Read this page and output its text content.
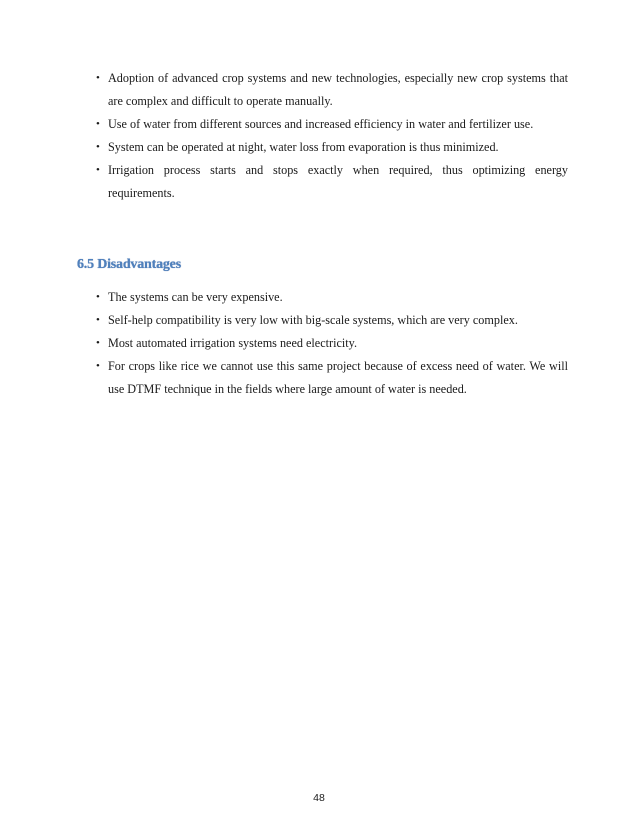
• Adoption of advanced crop systems and new technologies, especially new crop systems that are complex and difficult to operate manually.
• Use of water from different sources and increased efficiency in water and fertilizer use.
• System can be operated at night, water loss from evaporation is thus minimized.
• Irrigation process starts and stops exactly when required, thus optimizing energy requirements.
6.5 Disadvantages
• The systems can be very expensive.
• Self-help compatibility is very low with big-scale systems, which are very complex.
• Most automated irrigation systems need electricity.
• For crops like rice we cannot use this same project because of excess need of water. We will use DTMF technique in the fields where large amount of water is needed.
48
